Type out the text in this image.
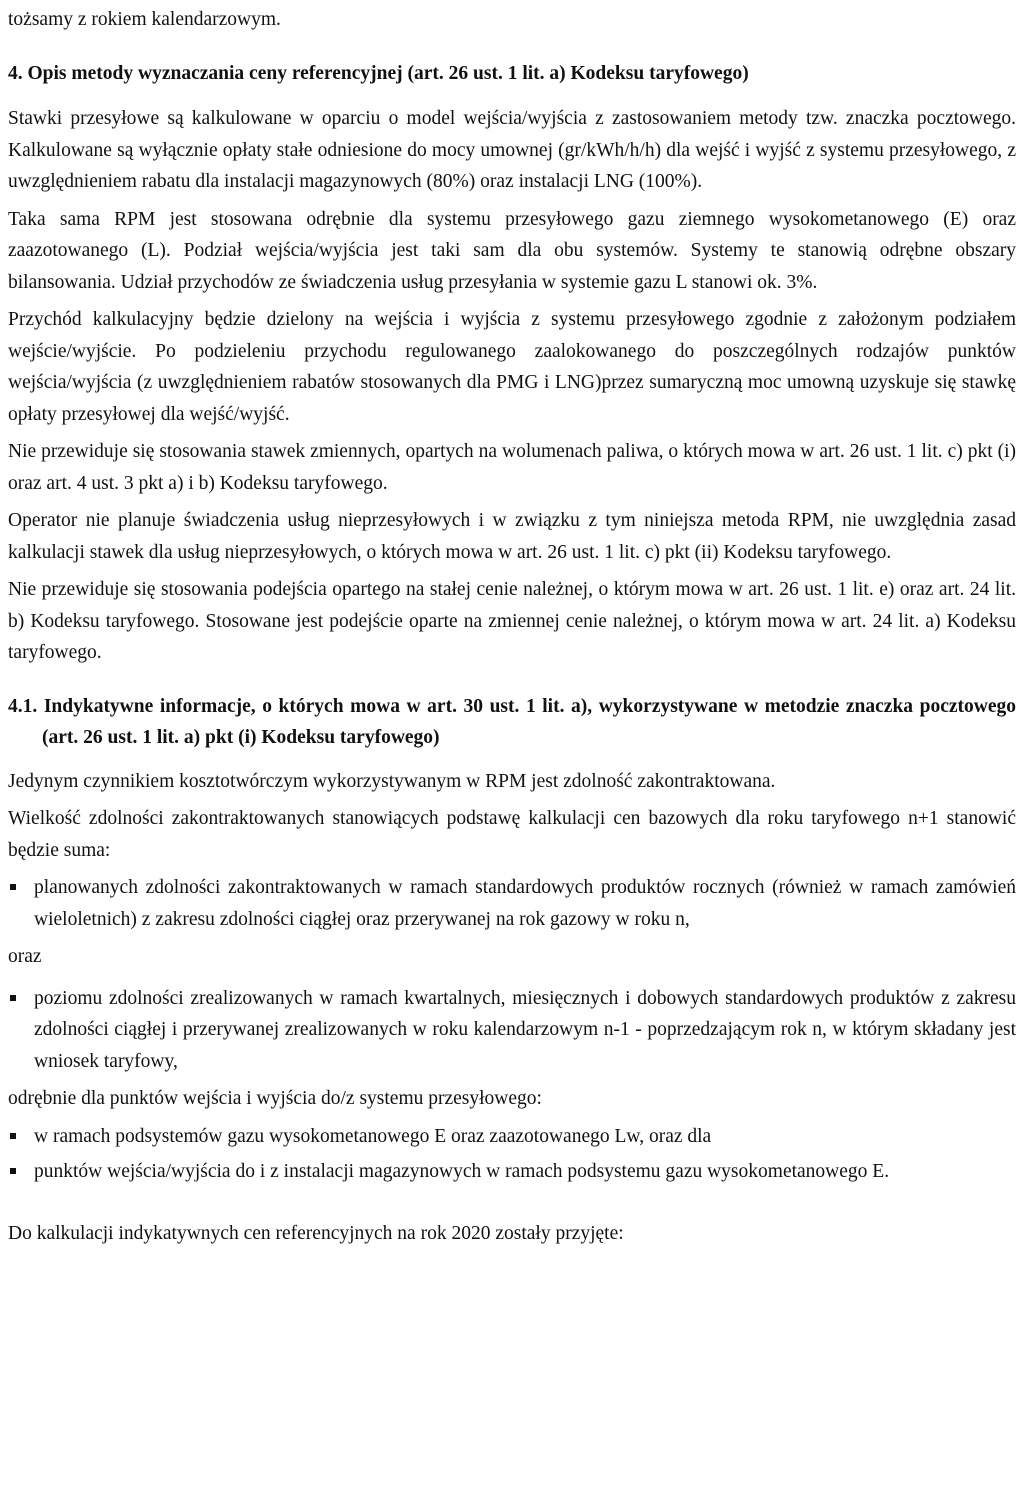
tożsamy z rokiem kalendarzowym.

4. Opis metody wyznaczania ceny referencyjnej (art. 26 ust. 1 lit. a) Kodeksu taryfowego)

Stawki przesyłowe są kalkulowane w oparciu o model wejścia/wyjścia z zastosowaniem metody tzw. znaczka pocztowego. Kalkulowane są wyłącznie opłaty stałe odniesione do mocy umownej (gr/kWh/h/h) dla wejść i wyjść z systemu przesyłowego, z uwzględnieniem rabatu dla instalacji magazynowych (80%) oraz instalacji LNG (100%).

Taka sama RPM jest stosowana odrębnie dla systemu przesyłowego gazu ziemnego wysokometanowego (E) oraz zaazotowanego (L). Podział wejścia/wyjścia jest taki sam dla obu systemów. Systemy te stanowią odrębne obszary bilansowania. Udział przychodów ze świadczenia usług przesyłania w systemie gazu L stanowi ok. 3%.

Przychód kalkulacyjny będzie dzielony na wejścia i wyjścia z systemu przesyłowego zgodnie z założonym podziałem wejście/wyjście. Po podzieleniu przychodu regulowanego zaalokowanego do poszczególnych rodzajów punktów wejścia/wyjścia (z uwzględnieniem rabatów stosowanych dla PMG i LNG)przez sumaryczną moc umowną uzyskuje się stawkę opłaty przesyłowej dla wejść/wyjść.

Nie przewiduje się stosowania stawek zmiennych, opartych na wolumenach paliwa, o których mowa w art. 26 ust. 1 lit. c) pkt (i) oraz art. 4 ust. 3 pkt a) i b) Kodeksu taryfowego.

Operator nie planuje świadczenia usług nieprzesyłowych i w związku z tym niniejsza metoda RPM, nie uwzględnia zasad kalkulacji stawek dla usług nieprzesyłowych, o których mowa w art. 26 ust. 1 lit. c) pkt (ii) Kodeksu taryfowego.

Nie przewiduje się stosowania podejścia opartego na stałej cenie należnej, o którym mowa w art. 26 ust. 1 lit. e) oraz art. 24 lit. b) Kodeksu taryfowego. Stosowane jest podejście oparte na zmiennej cenie należnej, o którym mowa w art. 24 lit. a) Kodeksu taryfowego.

4.1. Indykatywne informacje, o których mowa w art. 30 ust. 1 lit. a), wykorzystywane w metodzie znaczka pocztowego (art. 26 ust. 1 lit. a) pkt (i) Kodeksu taryfowego)

Jedynym czynnikiem kosztotwórczym wykorzystywanym w RPM jest zdolność zakontraktowana.

Wielkość zdolności zakontraktowanych stanowiących podstawę kalkulacji cen bazowych dla roku taryfowego n+1 stanowić będzie suma:

planowanych zdolności zakontraktowanych w ramach standardowych produktów rocznych (również w ramach zamówień wieloletnich) z zakresu zdolności ciągłej oraz przerywanej na rok gazowy w roku n,
oraz
poziomu zdolności zrealizowanych w ramach kwartalnych, miesięcznych i dobowych standardowych produktów z zakresu zdolności ciągłej i przerywanej zrealizowanych w roku kalendarzowym n-1 - poprzedzającym rok n, w którym składany jest wniosek taryfowy,

odrębnie dla punktów wejścia i wyjścia do/z systemu przesyłowego:

w ramach podsystemów gazu wysokometanowego E oraz zaazotowanego Lw, oraz dla
punktów wejścia/wyjścia do i z instalacji magazynowych w ramach podsystemu gazu wysokometanowego E.

Do kalkulacji indykatywnych cen referencyjnych na rok 2020 zostały przyjęte:
